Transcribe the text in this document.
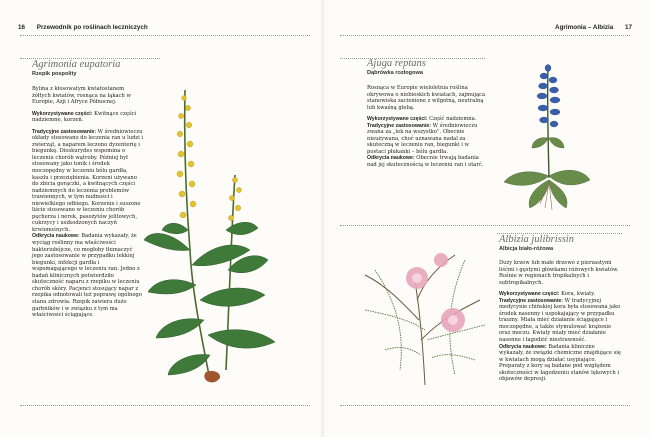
16 Przewodnik po roślinach leczniczych
Agrimonia eupatoria
Rzepik pospolity

Bylina z kłosowatym kwiatostanem żółtych kwiatów, rosnąca na łąkach w Europie, Azji i Afryce Północnej.

Wykorzystywane części: Kwitnące części nadziemne, korzeń.

Tradycyjne zastosowanie: W średniowieczu okłady stosowano do leczenia ran u ludzi i zwierząt, a naparem leczono dyzenterię i biegunkę. Dioskurydes wspomina o leczeniu chorób wątroby. Później był stosowany jako tonik i środek moczopędny w leczeniu bólu gardła, kaszlu i przeziębienia. Korzeni używano do zbicia gorączki, a kwitnących części nadziemnych do leczenia problemów trawiennych, w tym nudności i niewielkiego odbiegu. Korzenie i suszone liście stosowano w leczeniu chorób pęcherza i nerek, pasożytów jelitowych, cukrzycy i uszkodzonych naczyń krwionośnych.

Odkrycia naukowe: Badania wykazały, że wyciąg roślinny ma właściwości bakteriobójcze, co mogłoby tłumaczyć jego zastosowanie w przypadku lekkiej biegunki, infekcji gardła i wspomagającego w leczeniu ran. Jedno z badań klinicznych potwierdziło skuteczność naparu z rzepiku w leczeniu chorób skóry. Pacjenci stosujący napar z rzepika odnotowali też poprawę ogólnego stanu zdrowia. Rzepik zawiera dużo garbników i w związku z tym ma właściwości ściągające.

Agrimonia – Albizia 17
Ajuga reptans
Dąbrówka rozłogowa

Rosnąca w Europie wieloletnia roślina okrywowa o niebieskich kwiatach, zajmująca stanowiska zacienione z wilgotną, neutralną lub kwaśną glebą.

Wykorzystywane części: Część nadziemna.

Tradycyjne zastosowanie: W średniowieczu zwana za „lek na wszystko”. Obecnie nieużywana, choć uznawana nadal za skuteczną w leczeniu ran, biegunki i w postaci płukanki – bólu gardła.

Odkrycia naukowe: Obecnie trwają badania nad jej skutecznością w leczeniu ran i otarć.

Albizia julibrissin
Albicja biało-różowa

Duży krzew lub małe drzewo z pierzastymi liśćmi i gęstymi główkami różowych kwiatów. Rośnie w regionach tropikalnych i subtropikalnych.

Wykorzystywane części: Kora, kwiaty.

Tradycyjne zastosowanie: W tradycyjnej medycynie chińskiej kora była stosowana jako środek nasenny i uspokajający w przypadku traumy. Miała mieć działanie ściągające i moczopędne, a także stymulować krążenie oraz moczu. Kwiaty miały mieć działanie nasenne i łagodzić niestrawność.

Odkrycia naukowe: Badania kliniczne wykazały, że związki chemiczne znajdujące się w kwiatach mogą działać usypiająco. Preparaty z kory są badane pod względem skuteczności w łagodzeniu stanów lękowych i objawów depresji.
